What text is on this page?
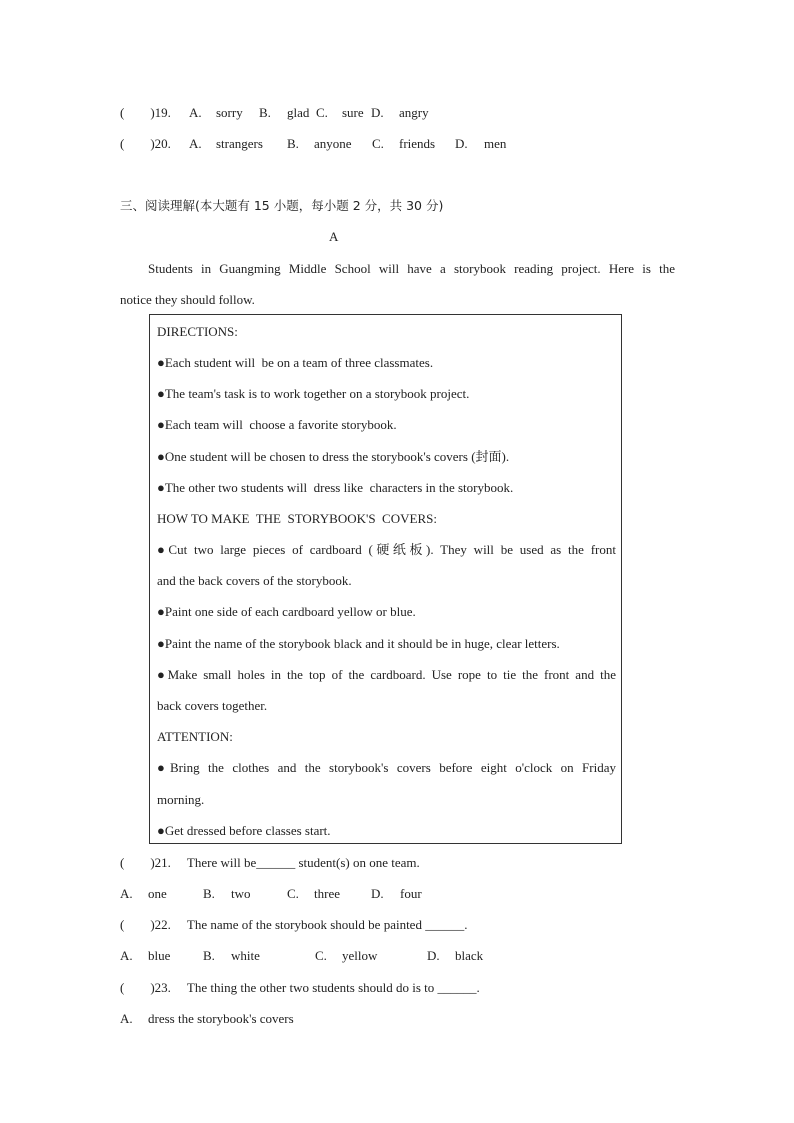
(        )19. A. sorry B. glad C. sure D. angry
(        )20. A. strangers B. anyone C. friends D. men
三、阅读理解(本大题有 15 小题，每小题 2 分，共 30 分)
A
Students in Guangming Middle School will have a storybook reading project. Here is the
notice they should follow.
DIRECTIONS:
●Each student will  be on a team of three classmates.
●The team's task is to work together on a storybook project.
●Each team will  choose a favorite storybook.
●One student will be chosen to dress the storybook's covers (封面).
●The other two students will  dress like  characters in the storybook.
HOW TO MAKE  THE  STORYBOOK'S  COVERS:
●Cut two large pieces of cardboard (硬纸板). They will be used as the front
and the back covers of the storybook.
●Paint one side of each cardboard yellow or blue.
●Paint the name of the storybook black and it should be in huge, clear letters.
●Make small holes in the top of the cardboard. Use rope to tie the front and the
back covers together.
ATTENTION:
●Bring the clothes and the storybook's covers before eight o'clock on Friday
morning.
●Get dressed before classes start.
(        )21.     There will be______ student(s) on one team.
A. one	B. two	C. three D. four
(        )22.     The name of the storybook should be painted ______.
A. blue	B. white	C. yellow	D. black
(        )23.     The thing the other two students should do is to ______.
A. dress the storybook's covers
